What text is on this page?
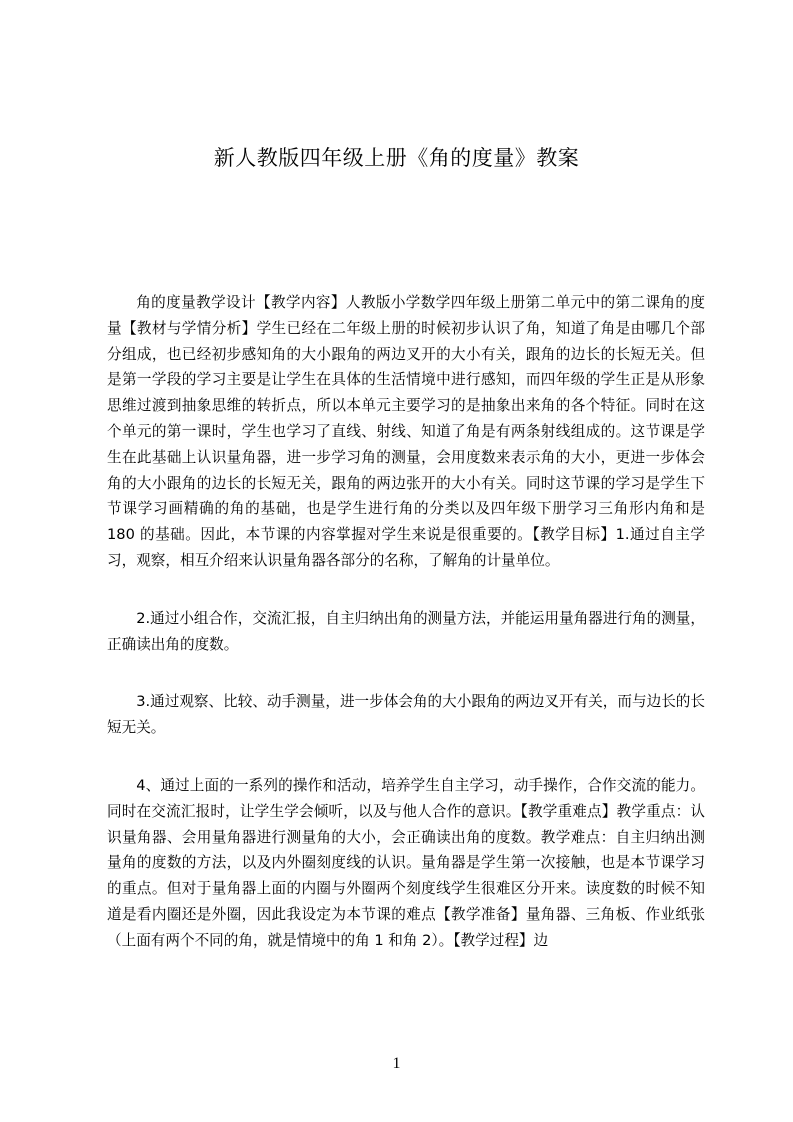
新人教版四年级上册《角的度量》教案

角的度量教学设计【教学内容】人教版小学数学四年级上册第二单元中的第二课角的度量【教材与学情分析】学生已经在二年级上册的时候初步认识了角，知道了角是由哪几个部分组成，也已经初步感知角的大小跟角的两边叉开的大小有关，跟角的边长的长短无关。但是第一学段的学习主要是让学生在具体的生活情境中进行感知，而四年级的学生正是从形象思维过渡到抽象思维的转折点，所以本单元主要学习的是抽象出来角的各个特征。同时在这个单元的第一课时，学生也学习了直线、射线、知道了角是有两条射线组成的。这节课是学生在此基础上认识量角器，进一步学习角的测量，会用度数来表示角的大小，更进一步体会角的大小跟角的边长的长短无关，跟角的两边张开的大小有关。同时这节课的学习是学生下节课学习画精确的角的基础，也是学生进行角的分类以及四年级下册学习三角形内角和是 180 的基础。因此，本节课的内容掌握对学生来说是很重要的。【教学目标】1.通过自主学习，观察，相互介绍来认识量角器各部分的名称，了解角的计量单位。

2.通过小组合作，交流汇报，自主归纳出角的测量方法，并能运用量角器进行角的测量，正确读出角的度数。

3.通过观察、比较、动手测量，进一步体会角的大小跟角的两边叉开有关，而与边长的长短无关。

4、通过上面的一系列的操作和活动，培养学生自主学习，动手操作，合作交流的能力。同时在交流汇报时，让学生学会倾听，以及与他人合作的意识。【教学重难点】教学重点：认识量角器、会用量角器进行测量角的大小，会正确读出角的度数。教学难点：自主归纳出测量角的度数的方法，以及内外圈刻度线的认识。量角器是学生第一次接触，也是本节课学习的重点。但对于量角器上面的内圈与外圈两个刻度线学生很难区分开来。读度数的时候不知道是看内圈还是外圈，因此我设定为本节课的难点【教学准备】量角器、三角板、作业纸张（上面有两个不同的角，就是情境中的角 1 和角 2）。【教学过程】边

1
